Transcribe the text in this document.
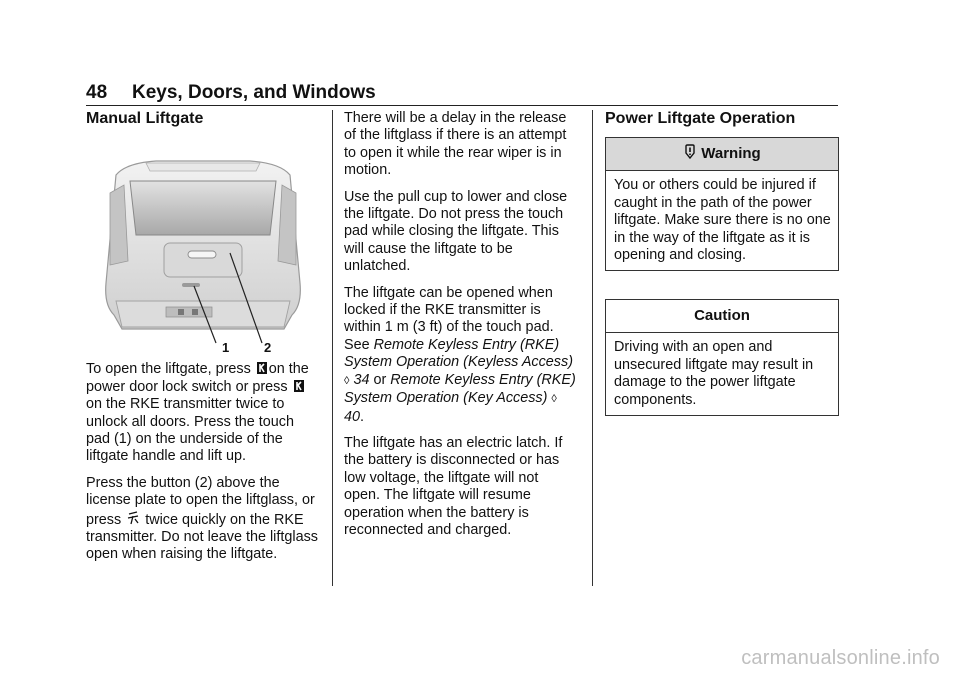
48 Keys, Doors, and Windows
Manual Liftgate
1	2

To open the liftgate, press on the power door lock switch or press  on the RKE transmitter twice to unlock all doors. Press the touch pad (1) on the underside of the liftgate handle and lift up.

Press the button (2) above the license plate to open the liftglass, or press twice quickly on the RKE transmitter. Do not leave the liftglass open when raising the liftgate.

There will be a delay in the release of the liftglass if there is an attempt to open it while the rear wiper is in motion.

Use the pull cup to lower and close the liftgate. Do not press the touch pad while closing the liftgate. This will cause the liftgate to be unlatched.

The liftgate can be opened when locked if the RKE transmitter is within 1 m (3 ft) of the touch pad. See Remote Keyless Entry (RKE) System Operation (Keyless Access) ◊ 34 or Remote Keyless Entry (RKE) System Operation (Key Access) ◊ 40.

The liftgate has an electric latch. If the battery is disconnected or has low voltage, the liftgate will not open. The liftgate will resume operation when the battery is reconnected and charged.

Power Liftgate Operation
Warning
You or others could be injured if caught in the path of the power liftgate. Make sure there is no one in the way of the liftgate as it is opening and closing.
Caution
Driving with an open and unsecured liftgate may result in damage to the power liftgate components.
carmanualsonline.info
